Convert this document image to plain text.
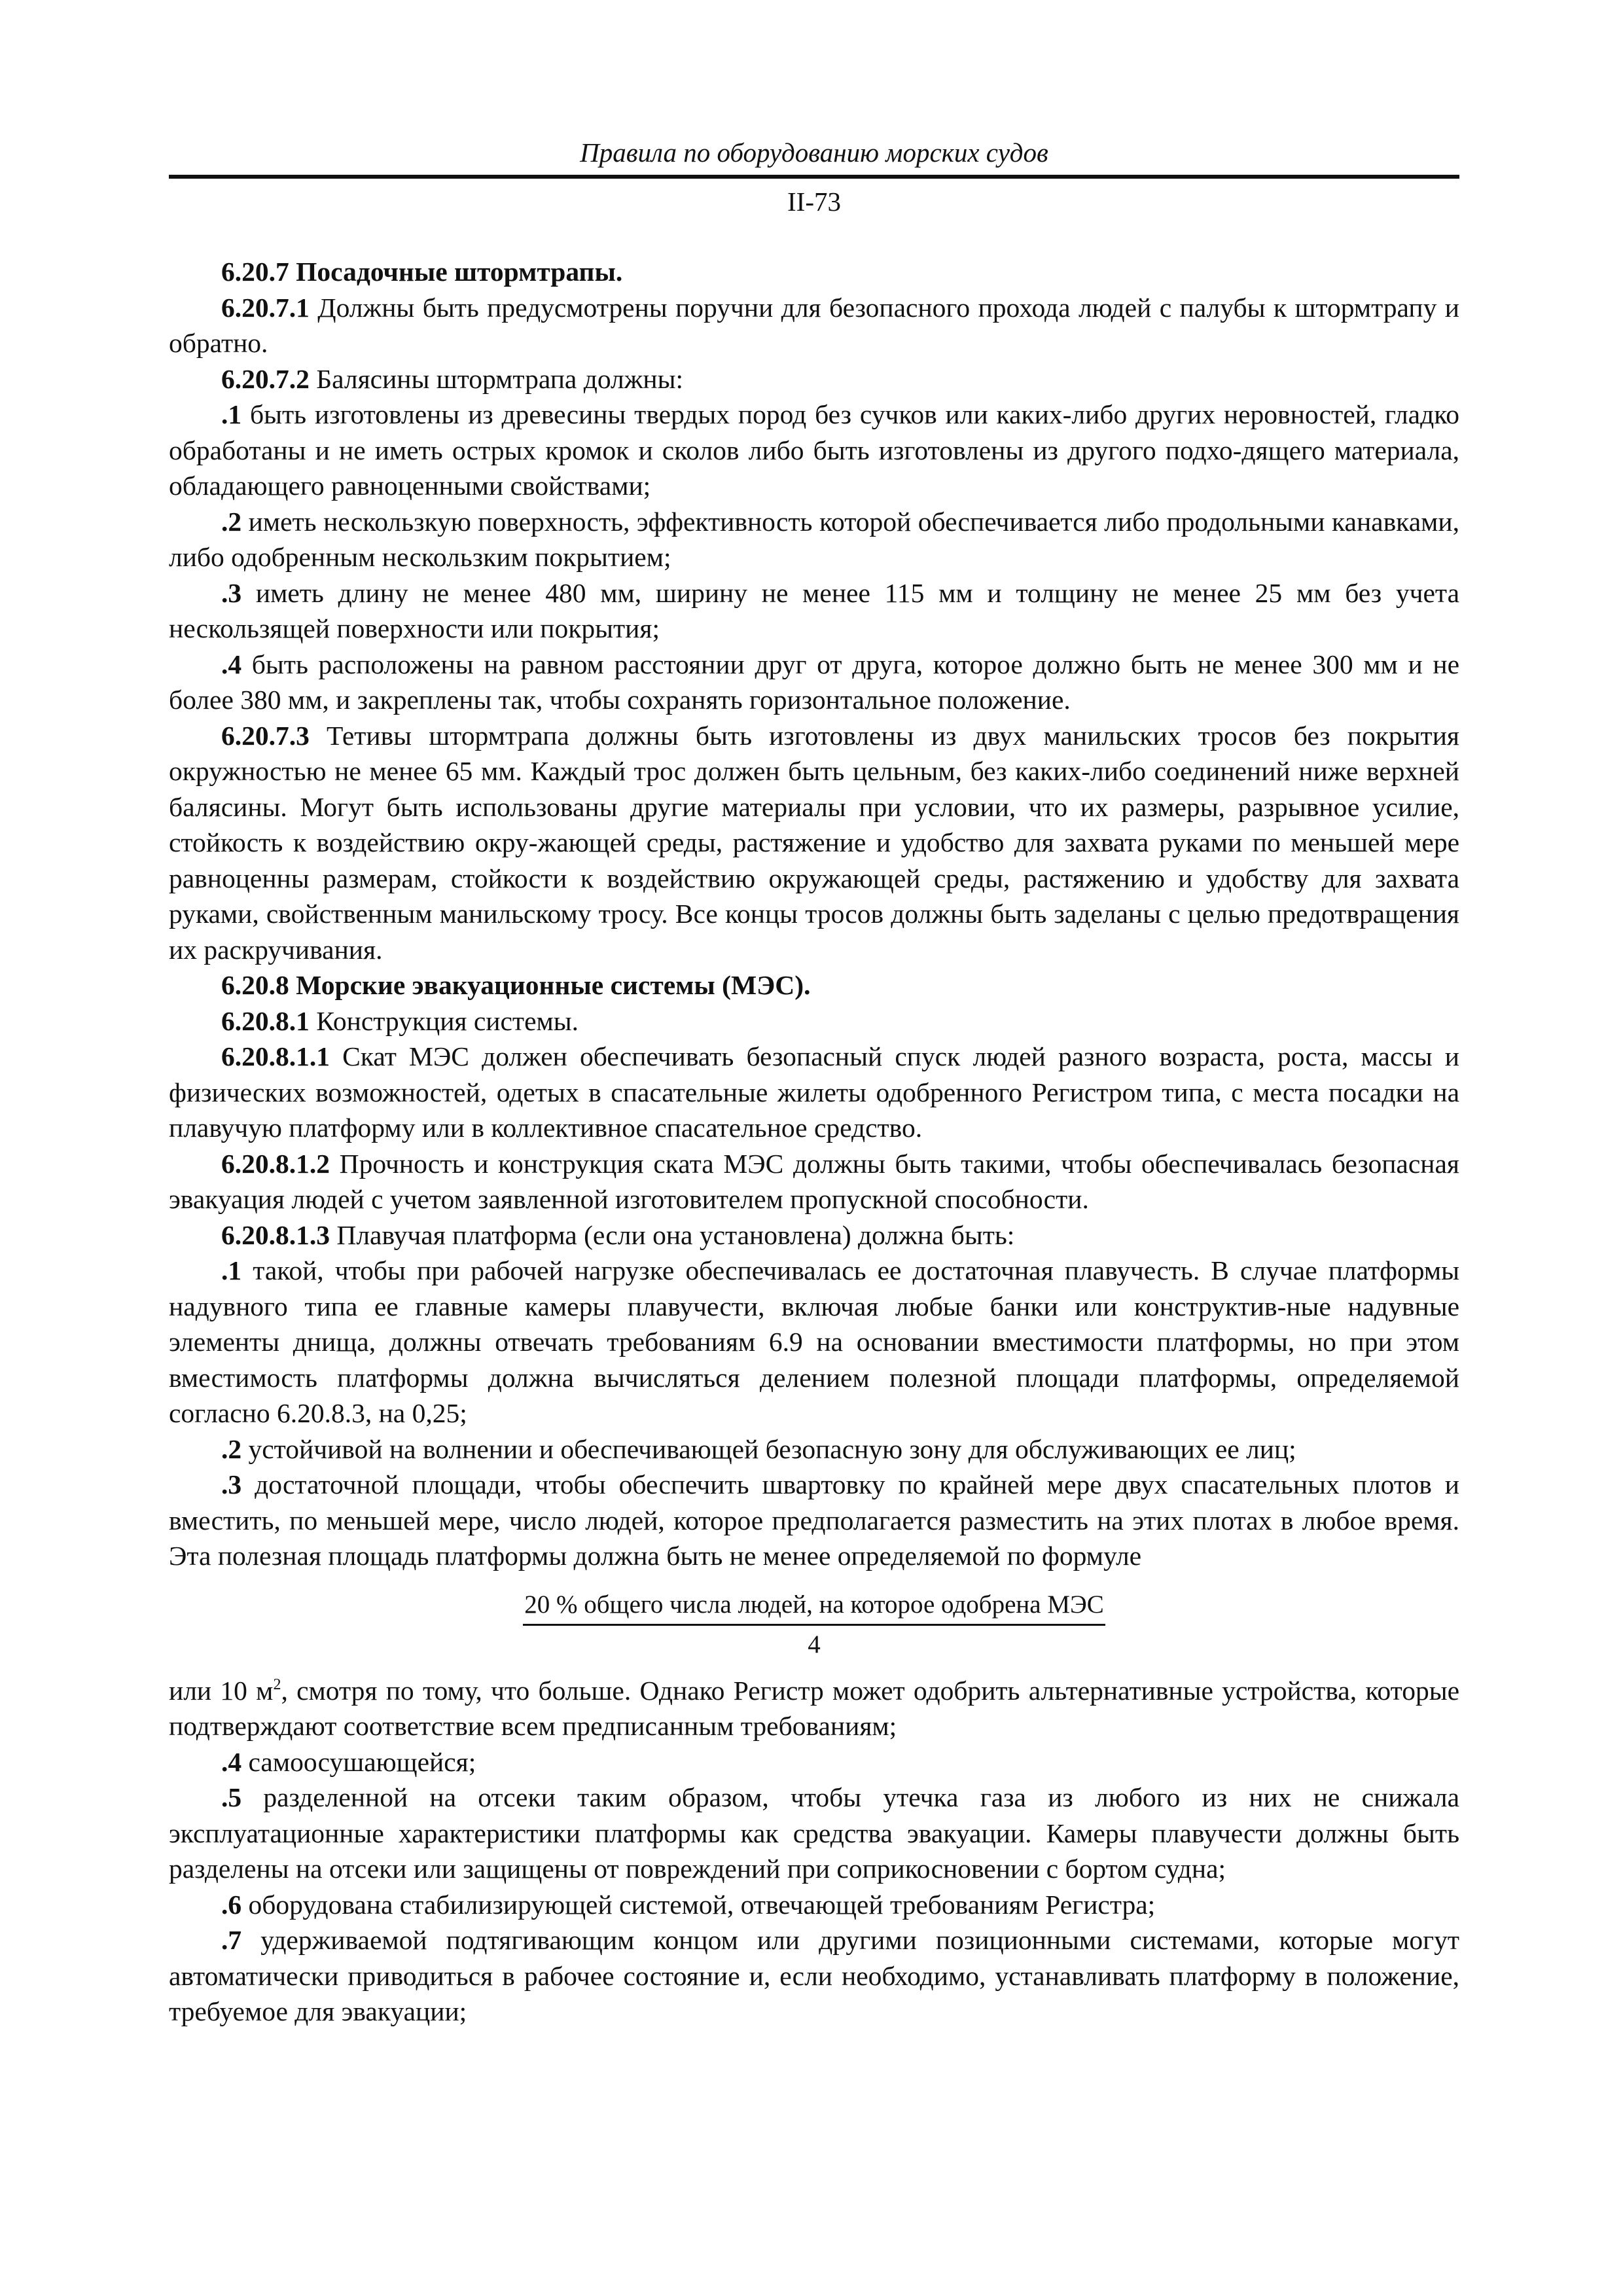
Правила по оборудованию морских судов
II-73

6.20.7 Посадочные штормтрапы.

6.20.7.1 Должны быть предусмотрены поручни для безопасного прохода людей с палубы к штормтрапу и обратно.

6.20.7.2 Балясины штормтрапа должны:

.1 быть изготовлены из древесины твердых пород без сучков или каких-либо других неровностей, гладко обработаны и не иметь острых кромок и сколов либо быть изготовлены из другого подхо-дящего материала, обладающего равноценными свойствами;

.2 иметь нескользкую поверхность, эффективность которой обеспечивается либо продольными канавками, либо одобренным нескользким покрытием;

.3 иметь длину не менее 480 мм, ширину не менее 115 мм и толщину не менее 25 мм без учета нескользящей поверхности или покрытия;

.4 быть расположены на равном расстоянии друг от друга, которое должно быть не менее 300 мм и не более 380 мм, и закреплены так, чтобы сохранять горизонтальное положение.

6.20.7.3 Тетивы штормтрапа должны быть изготовлены из двух манильских тросов без покрытия окружностью не менее 65 мм. Каждый трос должен быть цельным, без каких-либо соединений ниже верхней балясины. Могут быть использованы другие материалы при условии, что их размеры, разрывное усилие, стойкость к воздействию окру-жающей среды, растяжение и удобство для захвата руками по меньшей мере равноценны размерам, стойкости к воздействию окружающей среды, растяжению и удобству для захвата руками, свойственным манильскому тросу. Все концы тросов должны быть заделаны с целью предотвращения их раскручивания.

6.20.8 Морские эвакуационные системы (МЭС).

6.20.8.1 Конструкция системы.

6.20.8.1.1 Скат МЭС должен обеспечивать безопасный спуск людей разного возраста, роста, массы и физических возможностей, одетых в спасательные жилеты одобренного Регистром типа, с места посадки на плавучую платформу или в коллективное спасательное средство.

6.20.8.1.2 Прочность и конструкция ската МЭС должны быть такими, чтобы обеспечивалась безопасная эвакуация людей с учетом заявленной изготовителем пропускной способности.

6.20.8.1.3 Плавучая платформа (если она установлена) должна быть:

.1 такой, чтобы при рабочей нагрузке обеспечивалась ее достаточная плавучесть. В случае платформы надувного типа ее главные камеры плавучести, включая любые банки или конструктив-ные надувные элементы днища, должны отвечать требованиям 6.9 на основании вместимости платформы, но при этом вместимость платформы должна вычисляться делением полезной площади платформы, определяемой согласно 6.20.8.3, на 0,25;

.2 устойчивой на волнении и обеспечивающей безопасную зону для обслуживающих ее лиц;

.3 достаточной площади, чтобы обеспечить швартовку по крайней мере двух спасательных плотов и вместить, по меньшей мере, число людей, которое предполагается разместить на этих плотах в любое время. Эта полезная площадь платформы должна быть не менее определяемой по формуле

20 % общего числа людей, на которое одобрена МЭС
4

или 10 $м^2$, смотря по тому, что больше. Однако Регистр может одобрить альтернативные устройства, которые подтверждают соответствие всем предписанным требованиям;

.4 самоосушающейся;

.5 разделенной на отсеки таким образом, чтобы утечка газа из любого из них не снижала эксплуатационные характеристики платформы как средства эвакуации. Камеры плавучести должны быть разделены на отсеки или защищены от повреждений при соприкосновении с бортом судна;

.6 оборудована стабилизирующей системой, отвечающей требованиям Регистра;

.7 удерживаемой подтягивающим концом или другими позиционными системами, которые могут автоматически приводиться в рабочее состояние и, если необходимо, устанавливать платформу в положение, требуемое для эвакуации;
